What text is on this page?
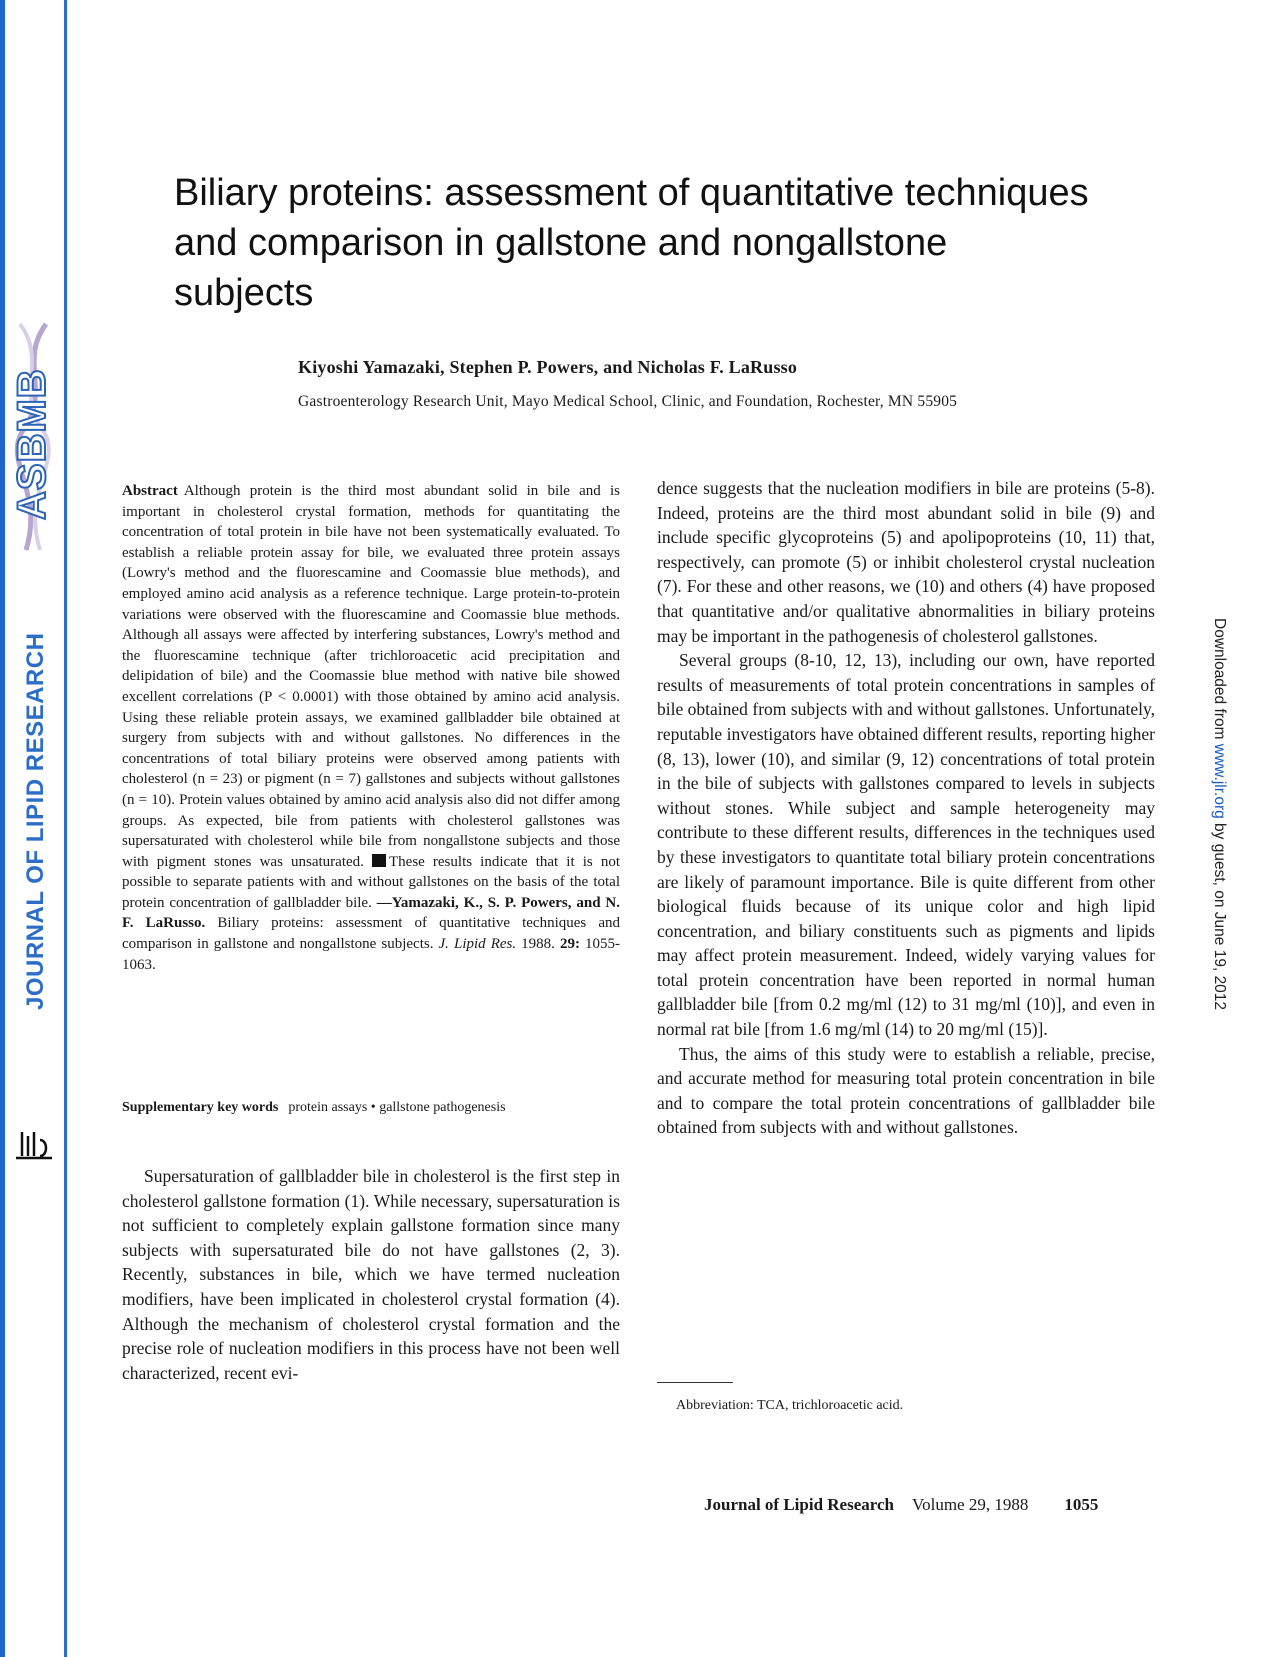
ASBMB
JOURNAL OF LIPID RESEARCH	Downloaded from www.jlr.org by guest, on June 19, 2012
Biliary proteins: assessment of quantitative techniques and comparison in gallstone and nongallstone subjects
Kiyoshi Yamazaki, Stephen P. Powers, and Nicholas F. LaRusso
Gastroenterology Research Unit, Mayo Medical School, Clinic, and Foundation, Rochester, MN 55905

Abstract Although protein is the third most abundant solid in bile and is important in cholesterol crystal formation, methods for quantitating the concentration of total protein in bile have not been systematically evaluated. To establish a reliable protein assay for bile, we evaluated three protein assays (Lowry's method and the fluorescamine and Coomassie blue methods), and employed amino acid analysis as a reference technique. Large protein-to-protein variations were observed with the fluorescamine and Coomassie blue methods. Although all assays were affected by interfering substances, Lowry's method and the fluorescamine technique (after trichloroacetic acid precipitation and delipidation of bile) and the Coomassie blue method with native bile showed excellent correlations (P < 0.0001) with those obtained by amino acid analysis. Using these reliable protein assays, we examined gallbladder bile obtained at surgery from subjects with and without gallstones. No differences in the concentrations of total biliary proteins were observed among patients with cholesterol (n = 23) or pigment (n = 7) gallstones and subjects without gallstones (n = 10). Protein values obtained by amino acid analysis also did not differ among groups. As expected, bile from patients with cholesterol gallstones was supersaturated with cholesterol while bile from nongallstone subjects and those with pigment stones was unsaturated. These results indicate that it is not possible to separate patients with and without gallstones on the basis of the total protein concentration of gallbladder bile. —Yamazaki, K., S. P. Powers, and N. F. LaRusso. Biliary proteins: assessment of quantitative techniques and comparison in gallstone and nongallstone subjects. J. Lipid Res. 1988. 29: 1055-1063.

Supplementary key words protein assays • gallstone pathogenesis

Supersaturation of gallbladder bile in cholesterol is the first step in cholesterol gallstone formation (1). While necessary, supersaturation is not sufficient to completely explain gallstone formation since many subjects with supersaturated bile do not have gallstones (2, 3). Recently, substances in bile, which we have termed nucleation modifiers, have been implicated in cholesterol crystal formation (4). Although the mechanism of cholesterol crystal formation and the precise role of nucleation modifiers in this process have not been well characterized, recent evi-

dence suggests that the nucleation modifiers in bile are proteins (5-8). Indeed, proteins are the third most abundant solid in bile (9) and include specific glycoproteins (5) and apolipoproteins (10, 11) that, respectively, can promote (5) or inhibit cholesterol crystal nucleation (7). For these and other reasons, we (10) and others (4) have proposed that quantitative and/or qualitative abnormalities in biliary proteins may be important in the pathogenesis of cholesterol gallstones.

Several groups (8-10, 12, 13), including our own, have reported results of measurements of total protein concentrations in samples of bile obtained from subjects with and without gallstones. Unfortunately, reputable investigators have obtained different results, reporting higher (8, 13), lower (10), and similar (9, 12) concentrations of total protein in the bile of subjects with gallstones compared to levels in subjects without stones. While subject and sample heterogeneity may contribute to these different results, differences in the techniques used by these investigators to quantitate total biliary protein concentrations are likely of paramount importance. Bile is quite different from other biological fluids because of its unique color and high lipid concentration, and biliary constituents such as pigments and lipids may affect protein measurement. Indeed, widely varying values for total protein concentration have been reported in normal human gallbladder bile [from 0.2 mg/ml (12) to 31 mg/ml (10)], and even in normal rat bile [from 1.6 mg/ml (14) to 20 mg/ml (15)].

Thus, the aims of this study were to establish a reliable, precise, and accurate method for measuring total protein concentration in bile and to compare the total protein concentrations of gallbladder bile obtained from subjects with and without gallstones.

Abbreviation: TCA, trichloroacetic acid.
Journal of Lipid Research Volume 29, 1988 1055
